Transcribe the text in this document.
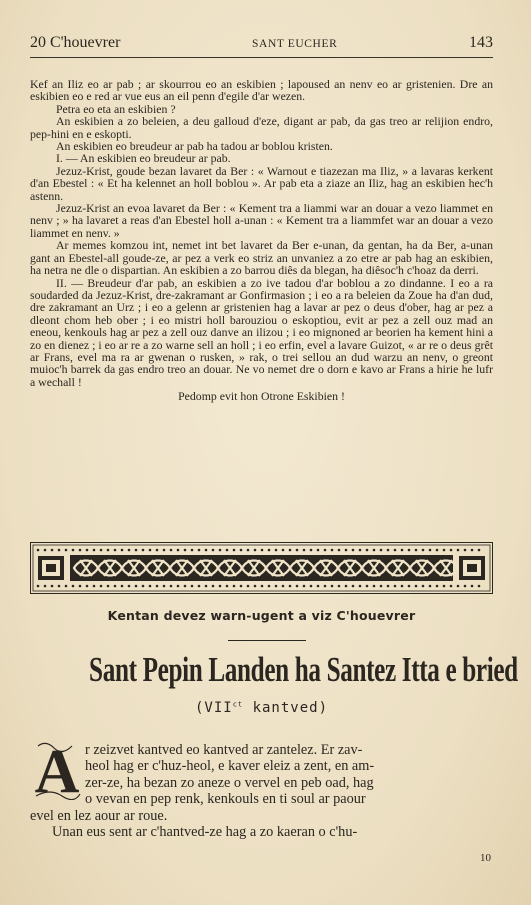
20 C'houevrer	SANT EUCHER	143

Kef an Iliz eo ar pab ; ar skourrou eo an eskibien ; lapoused an nenv eo ar gristenien. Dre an eskibien eo e red ar vue eus an eil penn d'egile d'ar wezen.

Petra eo eta an eskibien ?

An eskibien a zo beleien, a deu galloud d'eze, digant ar pab, da gas treo ar relijion endro, pep-hini en e eskopti.

An eskibien eo breudeur ar pab ha tadou ar boblou kristen.

I. — An eskibien eo breudeur ar pab.

Jezuz-Krist, goude bezan lavaret da Ber : « Warnout e tiazezan ma Iliz, » a lavaras kerkent d'an Ebestel : « Et ha kelennet an holl boblou ». Ar pab eta a ziaze an Iliz, hag an eskibien hec'h astenn.

Jezuz-Krist an evoa lavaret da Ber : « Kement tra a liammi war an douar a vezo liammet en nenv ; » ha lavaret a reas d'an Ebestel holl a-unan : « Kement tra a liammfet war an douar a vezo liammet en nenv. »

Ar memes komzou int, nemet int bet lavaret da Ber e-unan, da gentan, ha da Ber, a-unan gant an Ebestel-all goude-ze, ar pez a verk eo striz an unvaniez a zo etre ar pab hag an eskibien, ha netra ne dle o dispartian. An eskibien a zo barrou diês da blegan, ha diêsoc'h c'hoaz da derri.

II. — Breudeur d'ar pab, an eskibien a zo ive tadou d'ar boblou a zo dindanne. I eo a ra soudarded da Jezuz-Krist, dre-zakramant ar Gonfirmasion ; i eo a ra beleien da Zoue ha d'an dud, dre zakramant an Urz ; i eo a gelenn ar gristenien hag a lavar ar pez o deus d'ober, hag ar pez a dleont chom heb ober ; i eo mistri holl barouziou o eskoptiou, evit ar pez a zell ouz mad an eneou, kenkouls hag ar pez a zell ouz danve an ilizou ; i eo mignoned ar beorien ha kement hini a zo en dienez ; i eo ar re a zo warne sell an holl ; i eo erfin, evel a lavare Guizot, « ar re o deus grêt ar Frans, evel ma ra ar gwenan o rusken, » rak, o trei sellou an dud warzu an nenv, o greont muioc'h barrek da gas endro treo an douar. Ne vo nemet dre o dorn e kavo ar Frans a hirie he lufr a wechall !

Pedomp evit hon Otrone Eskibien !

Kentan devez warn-ugent a viz C'houevrer
Sant Pepin Landen ha Santez Itta e bried
($VII^{ct}$ kantved)
A r zeizvet kantved eo kantved ar zantelez. Er zav-
heol hag er c'huz-heol, e kaver eleiz a zent, en am-
zer-ze, ha bezan zo aneze o vervel en peb oad, hag
o vevan en pep renk, kenkouls en ti soul ar paour
evel en lez aour ar roue.
Unan eus sent ar c'hantved-ze hag a zo kaeran o c'hu-
10
